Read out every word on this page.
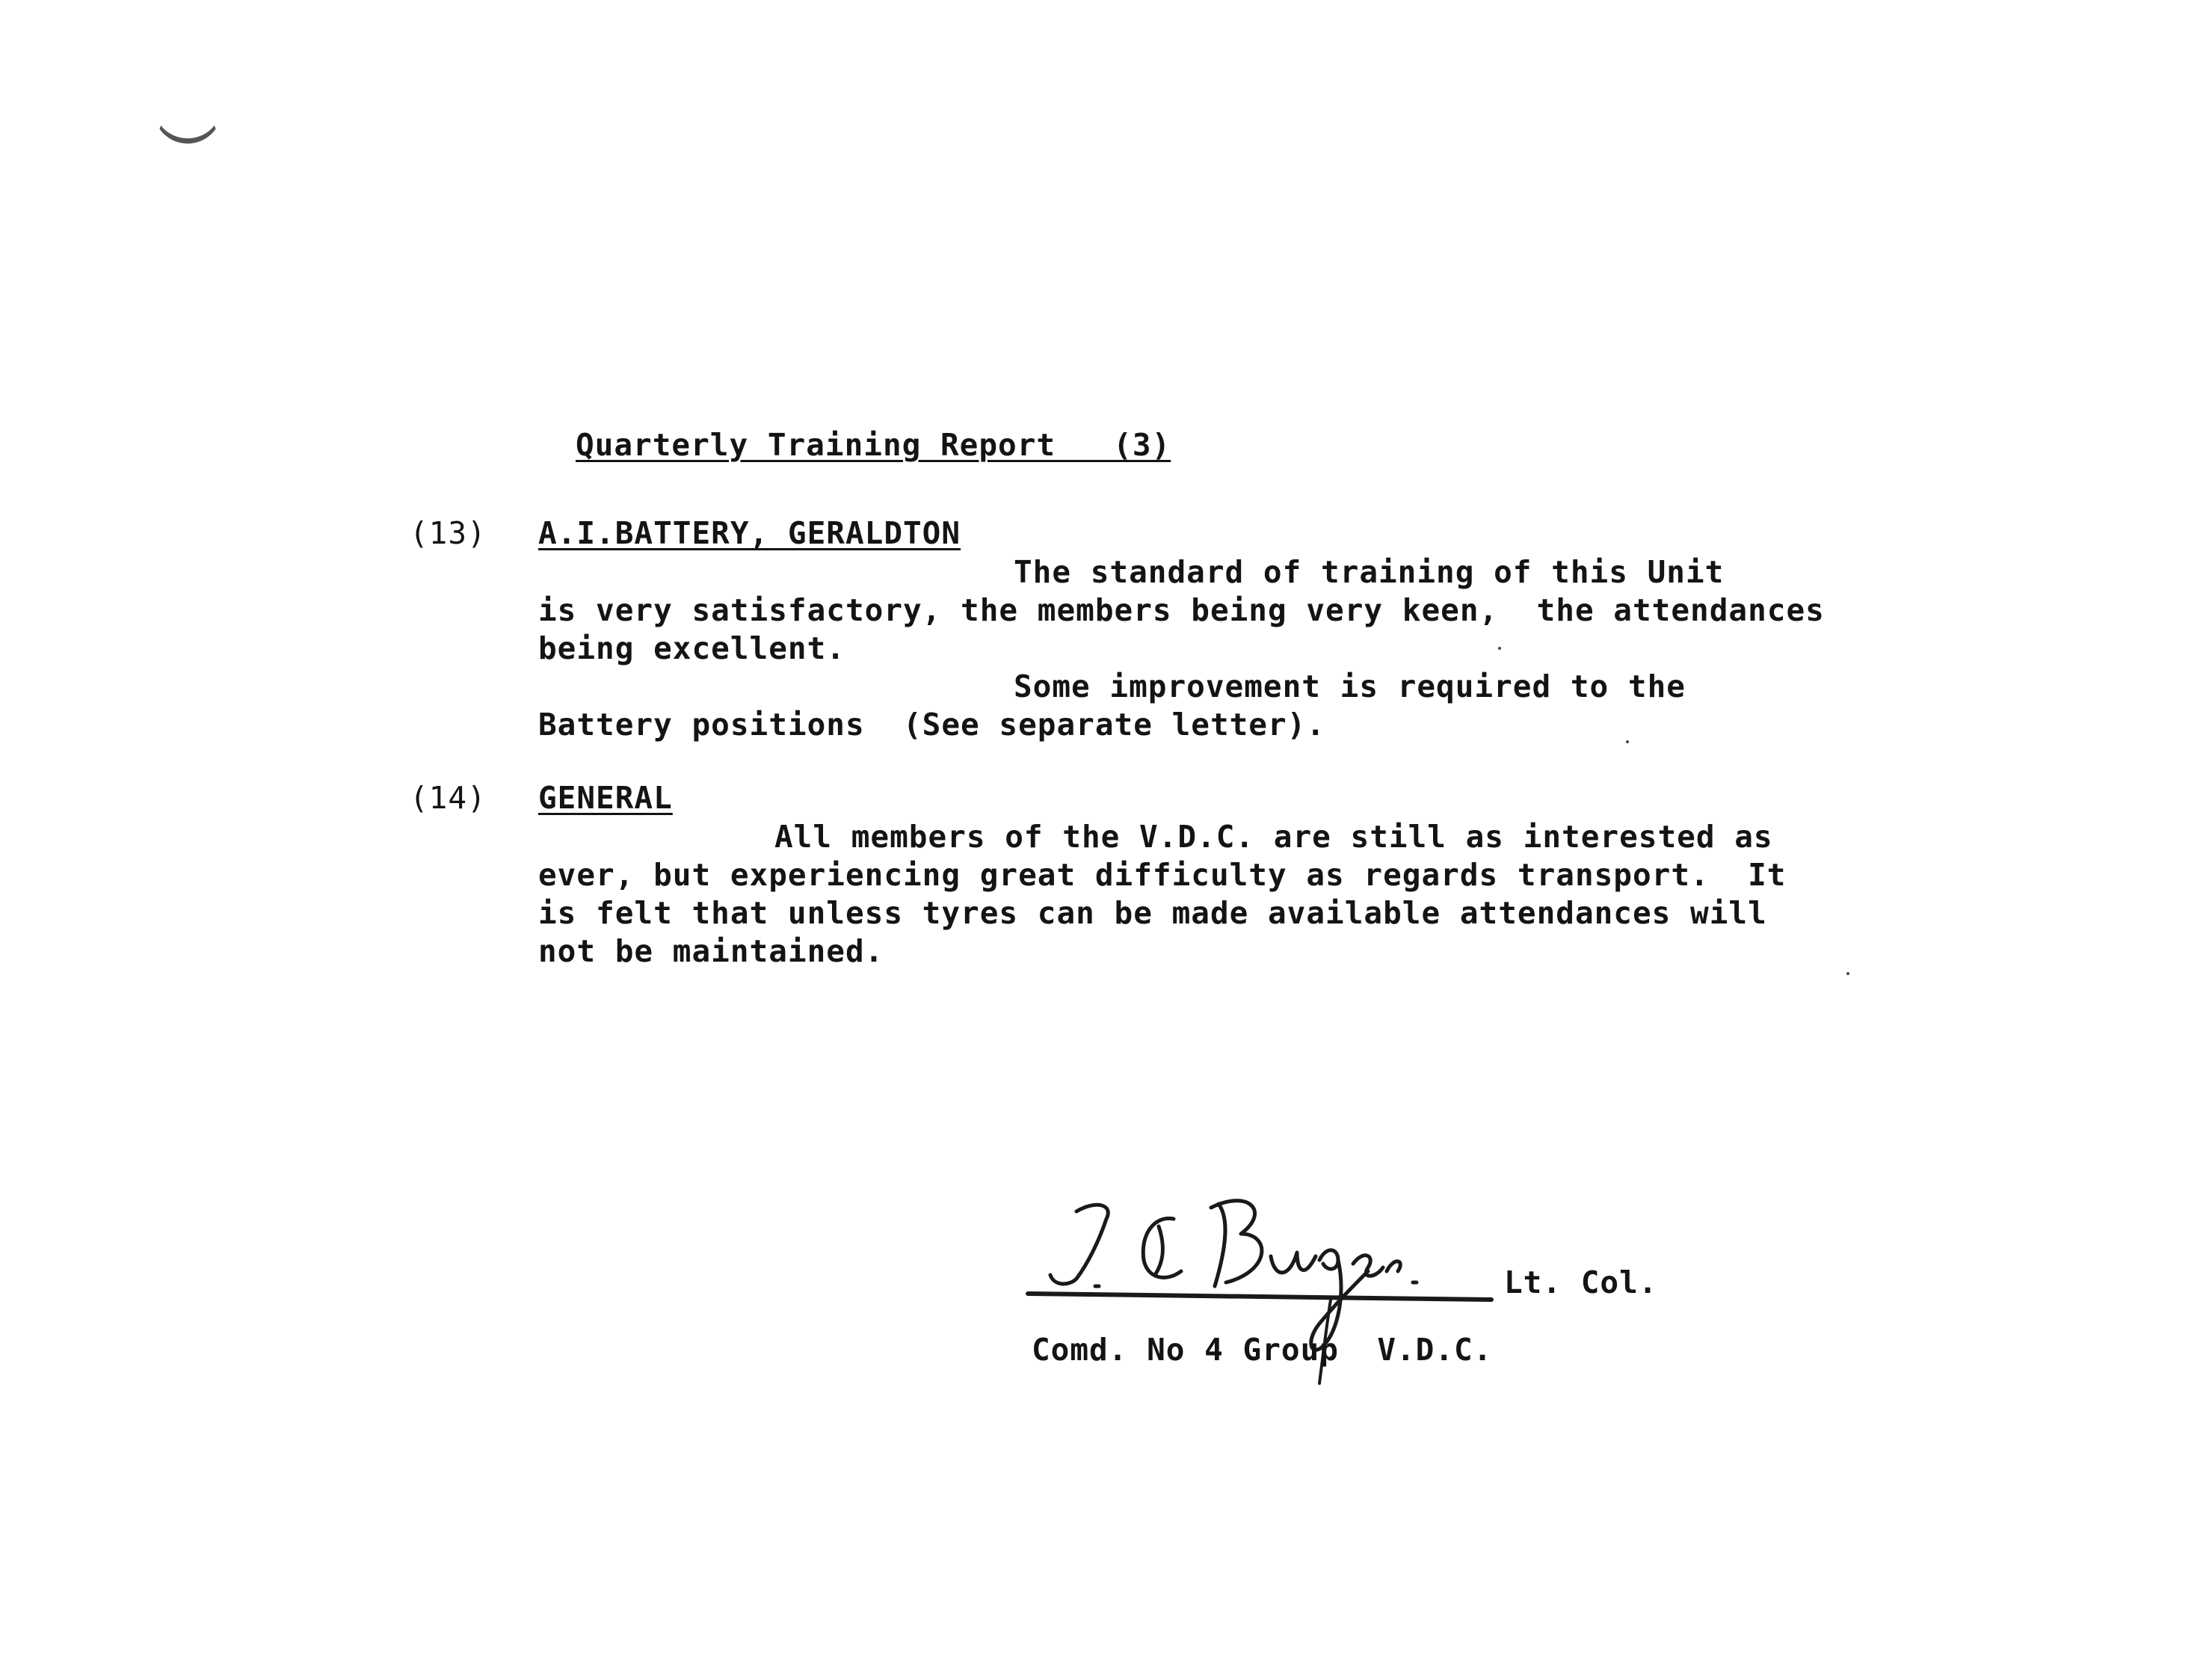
Quarterly Training Report   (3)
(13) A.I.BATTERY, GERALDTON
The standard of training of this Unit
is very satisfactory, the members being very keen,  the attendances
being excellent.
Some improvement is required to the
Battery positions  (See separate letter).
(14) GENERAL
All members of the V.D.C. are still as interested as
ever, but experiencing great difficulty as regards transport.  It
is felt that unless tyres can be made available attendances will
not be maintained.
Lt. Col.
Comd. No 4 Group  V.D.C.
